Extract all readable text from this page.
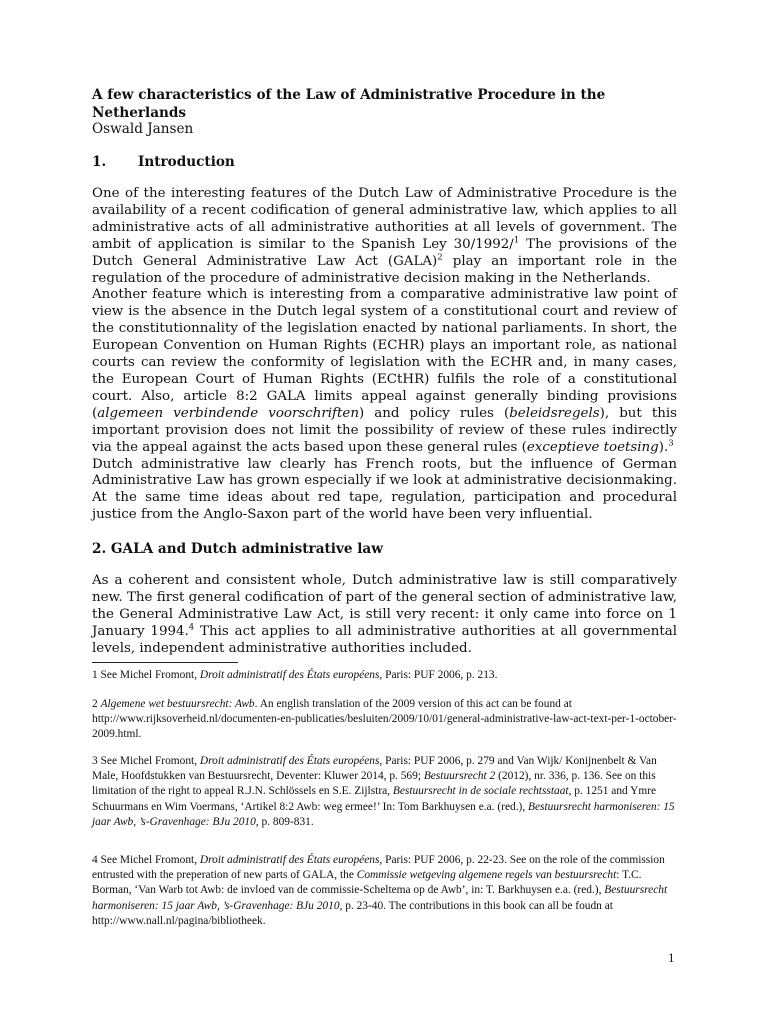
A few characteristics of the Law of Administrative Procedure in the Netherlands
Oswald Jansen
1. Introduction

One of the interesting features of the Dutch Law of Administrative Procedure is the availability of a recent codification of general administrative law, which applies to all administrative acts of all administrative authorities at all levels of government. The ambit of application is similar to the Spanish Ley 30/1992/$^1$ The provisions of the Dutch General Administrative Law Act (GALA)$^2$ play an important role in the regulation of the procedure of administrative decision making in the Netherlands.

Another feature which is interesting from a comparative administrative law point of view is the absence in the Dutch legal system of a constitutional court and review of the constitutionnality of the legislation enacted by national parliaments. In short, the European Convention on Human Rights (ECHR) plays an important role, as national courts can review the conformity of legislation with the ECHR and, in many cases, the European Court of Human Rights (ECtHR) fulfils the role of a constitutional court. Also, article 8:2 GALA limits appeal against generally binding provisions (algemeen verbindende voorschriften) and policy rules (beleidsregels), but this important provision does not limit the possibility of review of these rules indirectly via the appeal against the acts based upon these general rules (exceptieve toetsing).$^3$

Dutch administrative law clearly has French roots, but the influence of German Administrative Law has grown especially if we look at administrative decisionmaking. At the same time ideas about red tape, regulation, participation and procedural justice from the Anglo-Saxon part of the world have been very influential.

2. GALA and Dutch administrative law

As a coherent and consistent whole, Dutch administrative law is still comparatively new. The first general codification of part of the general section of administrative law, the General Administrative Law Act, is still very recent: it only came into force on 1 January 1994.$^4$ This act applies to all administrative authorities at all governmental levels, independent administrative authorities included.

1 See Michel Fromont, Droit administratif des États européens, Paris: PUF 2006, p. 213.

2 Algemene wet bestuursrecht: Awb. An english translation of the 2009 version of this act can be found at http://www.rijksoverheid.nl/documenten-en-publicaties/besluiten/2009/10/01/general-administrative-law-act-text-per-1-october-2009.html.

3 See Michel Fromont, Droit administratif des États européens, Paris: PUF 2006, p. 279 and Van Wijk/ Konijnenbelt & Van Male, Hoofdstukken van Bestuursrecht, Deventer: Kluwer 2014, p. 569; Bestuursrecht 2 (2012), nr. 336, p. 136. See on this limitation of the right to appeal R.J.N. Schlössels en S.E. Zijlstra, Bestuursrecht in de sociale rechtsstaat, p. 1251 and Ymre Schuurmans en Wim Voermans, ‘Artikel 8:2 Awb: weg ermee!’ In: Tom Barkhuysen e.a. (red.), Bestuursrecht harmoniseren: 15 jaar Awb, ’s-Gravenhage: BJu 2010, p. 809-831.

4 See Michel Fromont, Droit administratif des États européens, Paris: PUF 2006, p. 22-23. See on the role of the commission entrusted with the preperation of new parts of GALA, the Commissie wetgeving algemene regels van bestuursrecht: T.C. Borman, ‘Van Warb tot Awb: de invloed van de commissie-Scheltema op de Awb’, in: T. Barkhuysen e.a. (red.), Bestuursrecht harmoniseren: 15 jaar Awb, ’s-Gravenhage: BJu 2010, p. 23-40. The contributions in this book can all be foudn at http://www.nall.nl/pagina/bibliotheek.

1
